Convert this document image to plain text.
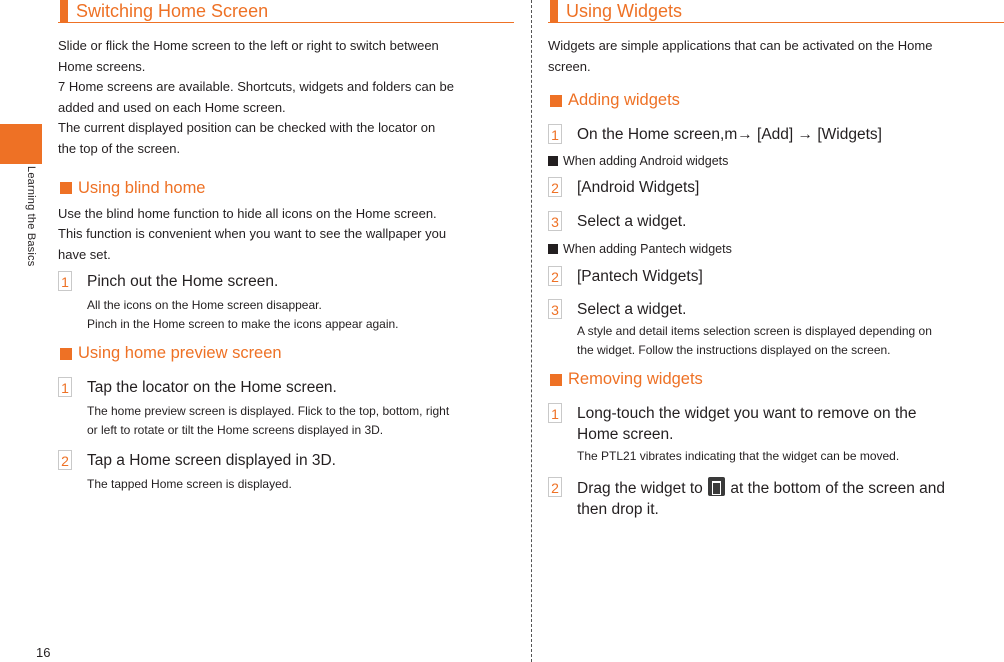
Learning the Basics
16
Switching Home Screen
Slide or flick the Home screen to the left or right to switch between
Home screens.
7 Home screens are available. Shortcuts, widgets and folders can be
added and used on each Home screen.
The current displayed position can be checked with the locator on
the top of the screen.
Using blind home
Use the blind home function to hide all icons on the Home screen.
This function is convenient when you want to see the wallpaper you
have set.
1 Pinch out the Home screen.
All the icons on the Home screen disappear.
Pinch in the Home screen to make the icons appear again.
Using home preview screen
1 Tap the locator on the Home screen.
The home preview screen is displayed. Flick to the top, bottom, right
or left to rotate or tilt the Home screens displayed in 3D.
2 Tap a Home screen displayed in 3D.
The tapped Home screen is displayed.
Using Widgets
Widgets are simple applications that can be activated on the Home
screen.
Adding widgets
1 On the Home screen,m→ [Add] → [Widgets]
When adding Android widgets
2 [Android Widgets]
3 Select a widget.
When adding Pantech widgets
2 [Pantech Widgets]
3 Select a widget.
A style and detail items selection screen is displayed depending on
the widget. Follow the instructions displayed on the screen.
Removing widgets
1 Long-touch the widget you want to remove on the
Home screen.
The PTL21 vibrates indicating that the widget can be moved.
2 Drag the widget to at the bottom of the screen and
then drop it.
